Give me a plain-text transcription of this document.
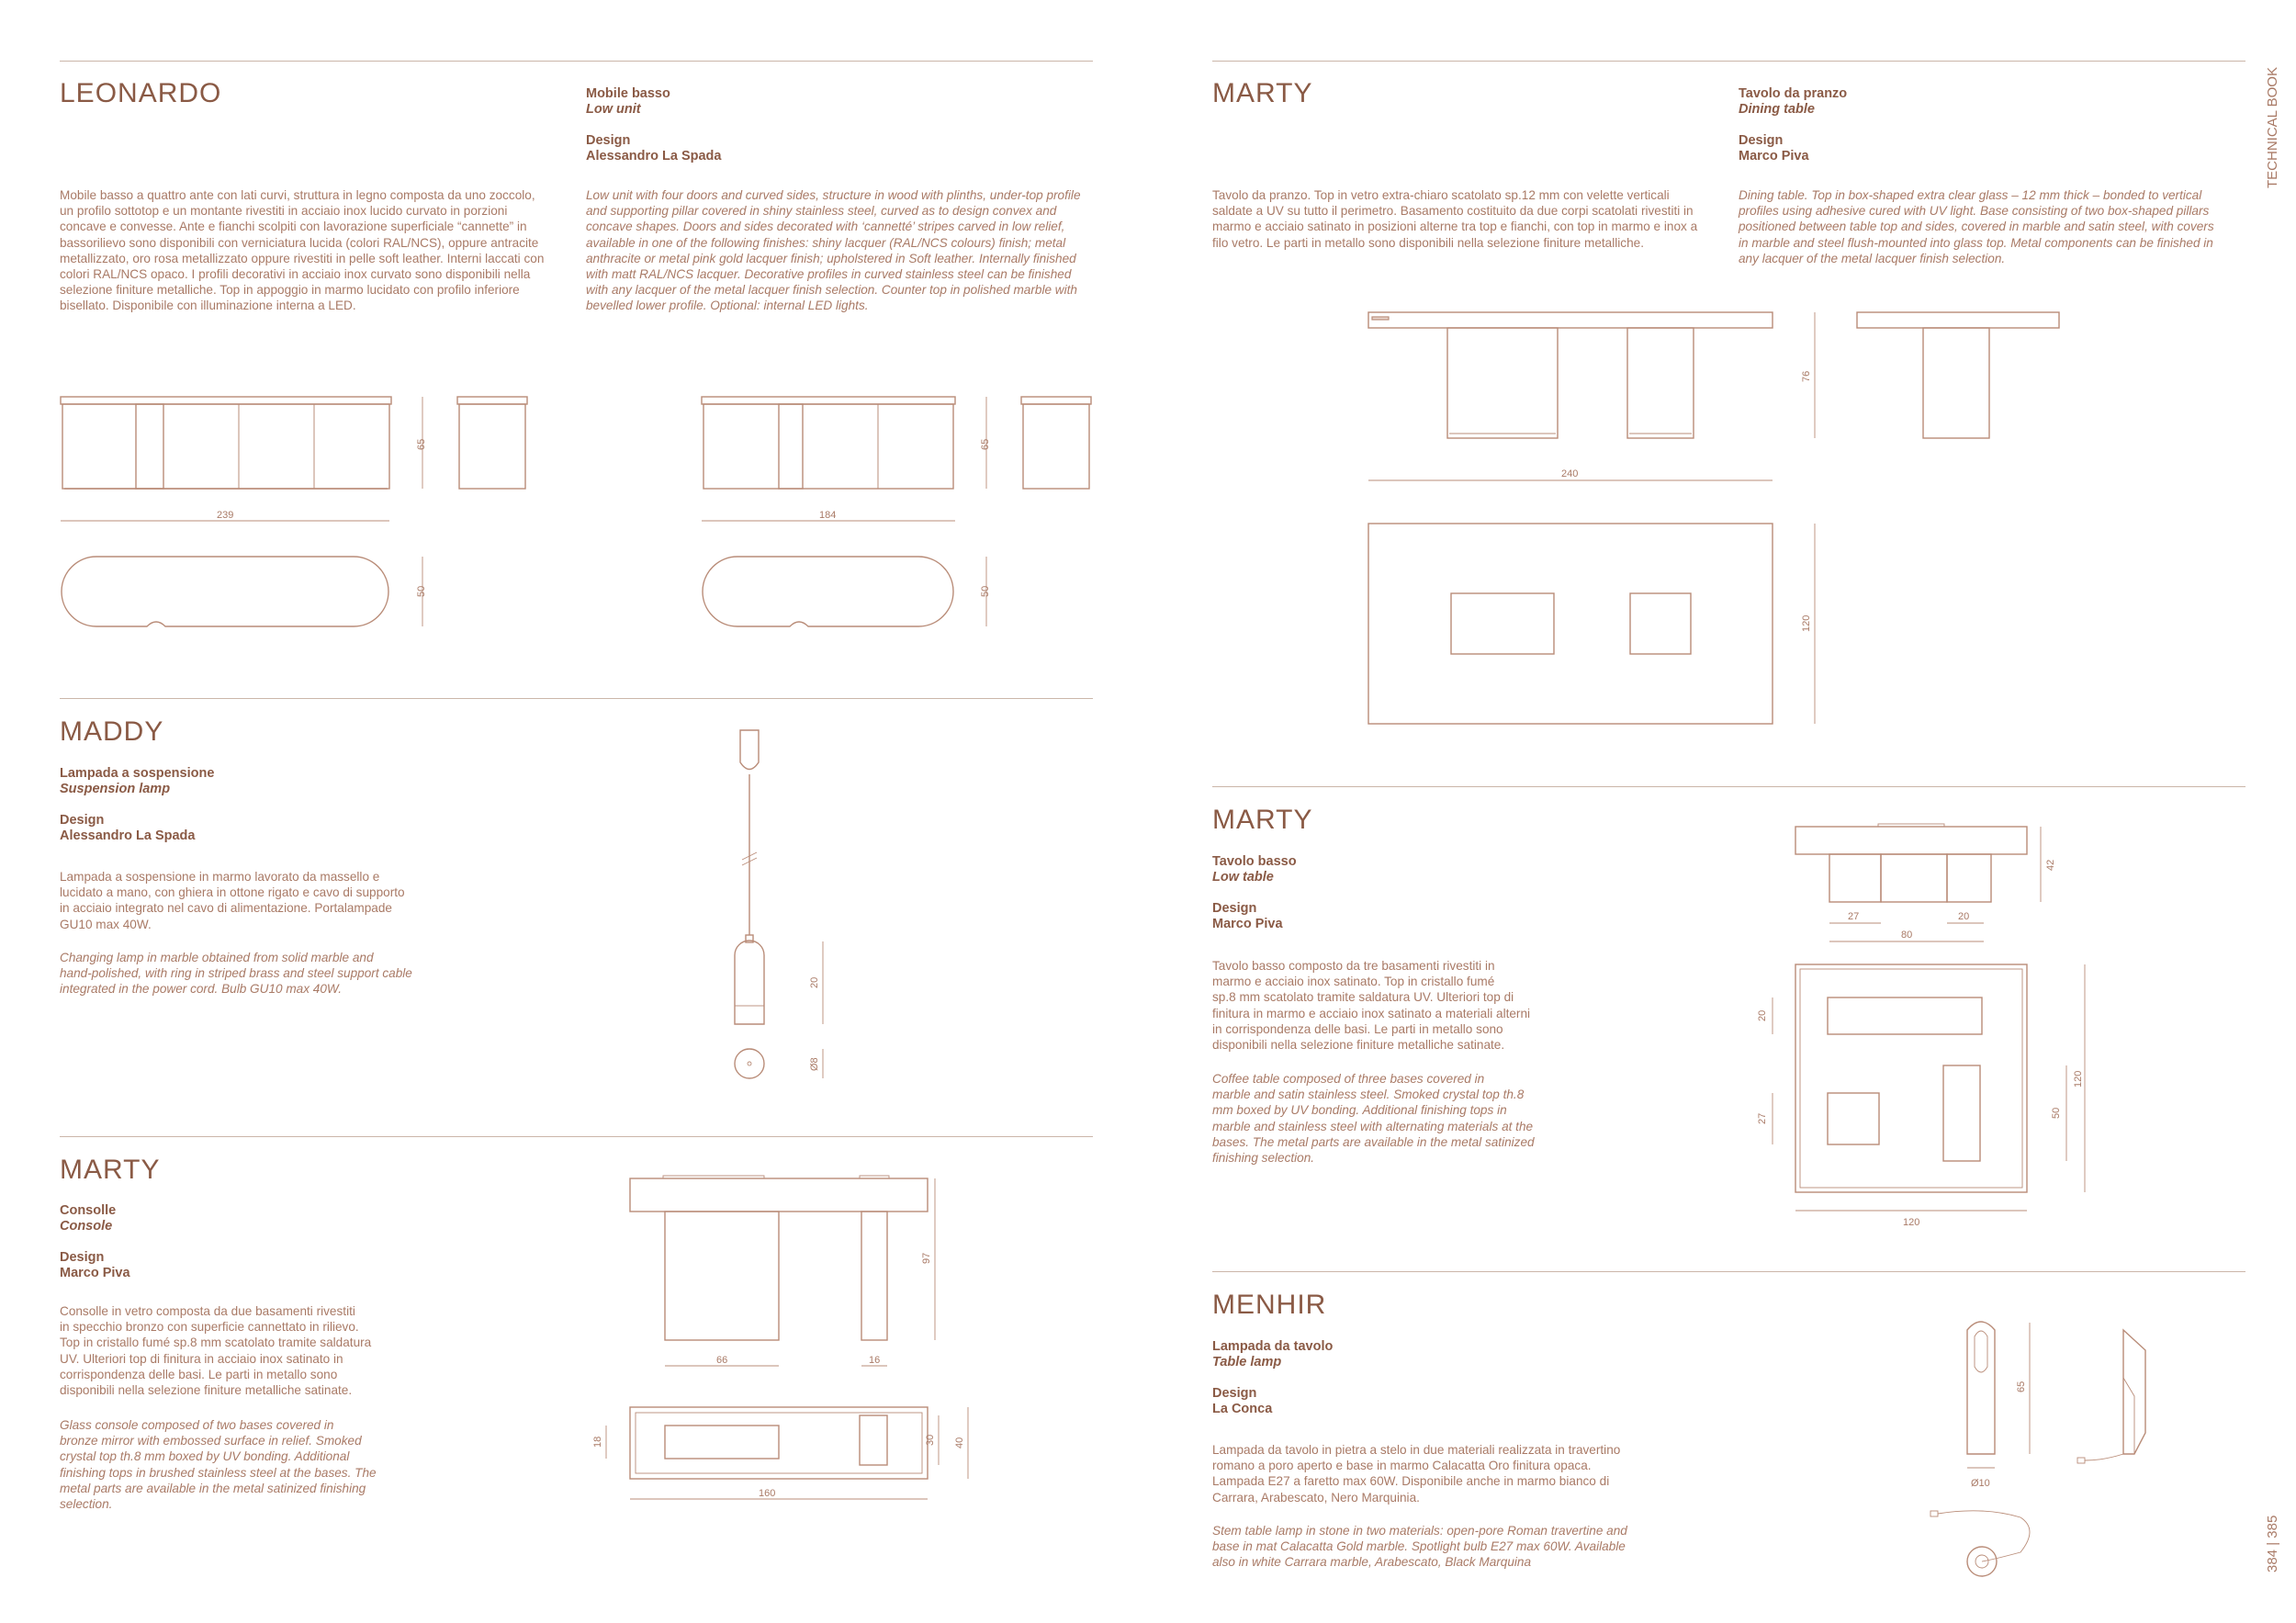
TECHNICAL BOOK
384 | 385
LEONARDO	Mobile basso
Low unit
Design
Alessandro La Spada
Mobile basso a quattro ante con lati curvi, struttura in legno composta da uno zoccolo,
un profilo sottotop e un montante rivestiti in acciaio inox lucido curvato in porzioni
concave e convesse. Ante e fianchi scolpiti con lavorazione superficiale “cannette” in
bassorilievo sono disponibili con verniciatura lucida (colori RAL/NCS), oppure antracite
metallizzato, oro rosa metallizzato oppure rivestiti in pelle soft leather. Interni laccati con
colori RAL/NCS opaco. I profili decorativi in acciaio inox curvato sono disponibili nella
selezione finiture metalliche. Top in appoggio in marmo lucidato con profilo inferiore
bisellato. Disponibile con illuminazione interna a LED.
Low unit with four doors and curved sides, structure in wood with plinths, under-top profile
and supporting pillar covered in shiny stainless steel, curved as to design convex and
concave shapes. Doors and sides decorated with ‘cannetté’ stripes carved in low relief,
available in one of the following finishes: shiny lacquer (RAL/NCS colours) finish; metal
anthracite or metal pink gold lacquer finish; upholstered in Soft leather. Internally finished
with matt RAL/NCS lacquer. Decorative profiles in curved stainless steel can be finished
with any lacquer of the metal lacquer finish selection. Counter top in polished marble with
bevelled lower profile. Optional: internal LED lights.
MADDY
Lampada a sospensione
Suspension lamp
Design
Alessandro La Spada
Lampada a sospensione in marmo lavorato da massello e
lucidato a mano, con ghiera in ottone rigato e cavo di supporto
in acciaio integrato nel cavo di alimentazione. Portalampade
GU10 max 40W.
Changing lamp in marble obtained from solid marble and
hand-polished, with ring in striped brass and steel support cable
integrated in the power cord. Bulb GU10 max 40W.
MARTY
Consolle
Console
Design
Marco Piva
Consolle in vetro composta da due basamenti rivestiti
in specchio bronzo con superficie cannettato in rilievo.
Top in cristallo fumé sp.8 mm scatolato tramite saldatura
UV. Ulteriori top di finitura in acciaio inox satinato in
corrispondenza delle basi. Le parti in metallo sono
disponibili nella selezione finiture metalliche satinate.
Glass console composed of two bases covered in
bronze mirror with embossed surface in relief. Smoked
crystal top th.8 mm boxed by UV bonding. Additional
finishing tops in brushed stainless steel at the bases. The
metal parts are available in the metal satinized finishing
selection.
MARTY	Tavolo da pranzo
Dining table
Design
Marco Piva
Tavolo da pranzo. Top in vetro extra-chiaro scatolato sp.12 mm con velette verticali
saldate a UV su tutto il perimetro. Basamento costituito da due corpi scatolati rivestiti in
marmo e acciaio satinato in posizioni alterne tra top e fianchi, con top in marmo e inox a
filo vetro. Le parti in metallo sono disponibili nella selezione finiture metalliche.
Dining table. Top in box-shaped extra clear glass – 12 mm thick – bonded to vertical
profiles using adhesive cured with UV light. Base consisting of two box-shaped pillars
positioned between table top and sides, covered in marble and satin steel, with covers
in marble and steel flush-mounted into glass top. Metal components can be finished in
any lacquer of the metal lacquer finish selection.
MARTY
Tavolo basso
Low table
Design
Marco Piva
Tavolo basso composto da tre basamenti rivestiti in
marmo e acciaio inox satinato. Top in cristallo fumé
sp.8 mm scatolato tramite saldatura UV. Ulteriori top di
finitura in marmo e acciaio inox satinato a materiali alterni
in corrispondenza delle basi. Le parti in metallo sono
disponibili nella selezione finiture metalliche satinate.
Coffee table composed of three bases covered in
marble and satin stainless steel. Smoked crystal top th.8
mm boxed by UV bonding. Additional finishing tops in
marble and stainless steel with alternating materials at the
bases. The metal parts are available in the metal satinized
finishing selection.
MENHIR
Lampada da tavolo
Table lamp
Design
La Conca
Lampada da tavolo in pietra a stelo in due materiali realizzata in travertino
romano a poro aperto e base in marmo Calacatta Oro finitura opaca.
Lampada E27 a faretto max 60W. Disponibile anche in marmo bianco di
Carrara, Arabescato, Nero Marquinia.
Stem table lamp in stone in two materials: open-pore Roman travertine and
base in mat Calacatta Gold marble. Spotlight bulb E27 max 60W. Available
also in white Carrara marble, Arabescato, Black Marquina
239	184
65	65
50	50
20
Ø8
97
66	16
160
18	30 40
76
240
120
42
27	20
80
120
120
20
27	50
65
Ø10
